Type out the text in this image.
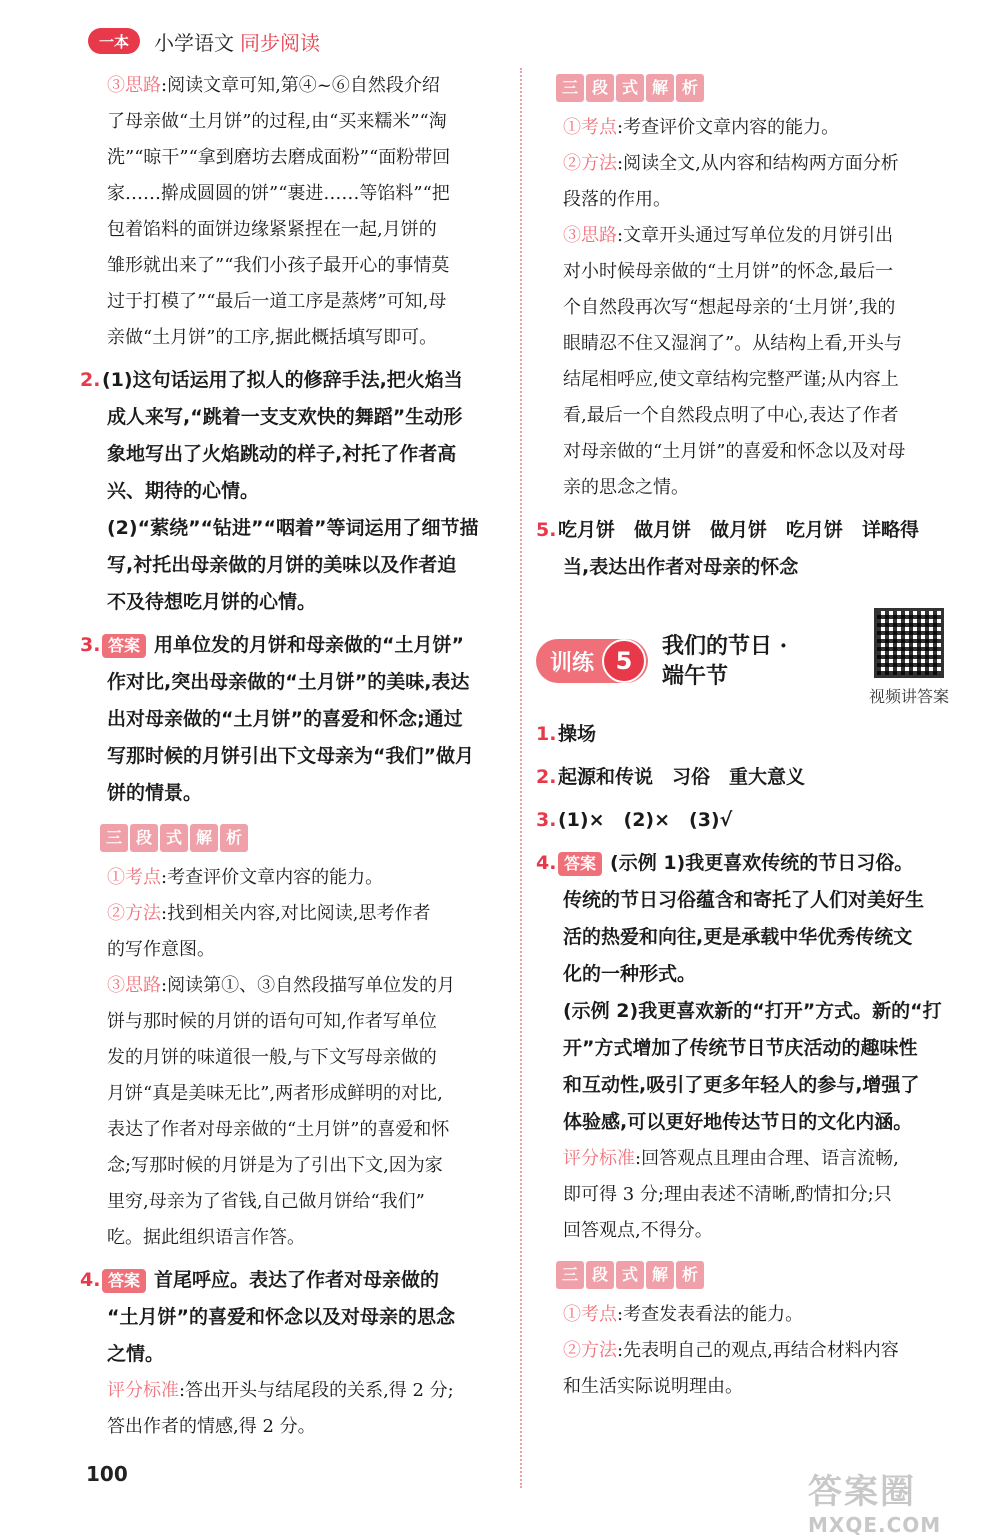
一本	小学语文 同步阅读
③思路:阅读文章可知,第④~⑥自然段介绍
了母亲做“土月饼”的过程,由“买来糯米”“淘
洗”“晾干”“拿到磨坊去磨成面粉”“面粉带回
家……擀成圆圆的饼”“裹进……等馅料”“把
包着馅料的面饼边缘紧紧捏在一起,月饼的
雏形就出来了”“我们小孩子最开心的事情莫
过于打模了”“最后一道工序是蒸烤”可知,母
亲做“土月饼”的工序,据此概括填写即可。
2.(1)这句话运用了拟人的修辞手法,把火焰当
成人来写,“跳着一支支欢快的舞蹈”生动形
象地写出了火焰跳动的样子,衬托了作者高
兴、期待的心情。
(2)“萦绕”“钻进”“咽着”等词运用了细节描
写,衬托出母亲做的月饼的美味以及作者迫
不及待想吃月饼的心情。
3. 答案 用单位发的月饼和母亲做的“土月饼”
作对比,突出母亲做的“土月饼”的美味,表达
出对母亲做的“土月饼”的喜爱和怀念;通过
写那时候的月饼引出下文母亲为“我们”做月
饼的情景。
三 段 式 解 析
①考点:考查评价文章内容的能力。
②方法:找到相关内容,对比阅读,思考作者
的写作意图。
③思路:阅读第①、③自然段描写单位发的月
饼与那时候的月饼的语句可知,作者写单位
发的月饼的味道很一般,与下文写母亲做的
月饼“真是美味无比”,两者形成鲜明的对比,
表达了作者对母亲做的“土月饼”的喜爱和怀
念;写那时候的月饼是为了引出下文,因为家
里穷,母亲为了省钱,自己做月饼给“我们”
吃。据此组织语言作答。
4. 答案 首尾呼应。表达了作者对母亲做的
“土月饼”的喜爱和怀念以及对母亲的思念
之情。
评分标准:答出开头与结尾段的关系,得 2 分;
答出作者的情感,得 2 分。
三 段 式 解 析
①考点:考查评价文章内容的能力。
②方法:阅读全文,从内容和结构两方面分析
段落的作用。
③思路:文章开头通过写单位发的月饼引出
对小时候母亲做的“土月饼”的怀念,最后一
个自然段再次写“想起母亲的‘土月饼’,我的
眼睛忍不住又湿润了”。从结构上看,开头与
结尾相呼应,使文章结构完整严谨;从内容上
看,最后一个自然段点明了中心,表达了作者
对母亲做的“土月饼”的喜爱和怀念以及对母
亲的思念之情。
5.吃月饼　做月饼　做月饼　吃月饼　详略得
当,表达出作者对母亲的怀念
训练 5
我们的节日 ·
端午节
视频讲答案
1.操场
2.起源和传说　习俗　重大意义
3.(1)×　(2)×　(3)√
4. 答案 (示例 1)我更喜欢传统的节日习俗。
传统的节日习俗蕴含和寄托了人们对美好生
活的热爱和向往,更是承载中华优秀传统文
化的一种形式。
(示例 2)我更喜欢新的“打开”方式。新的“打
开”方式增加了传统节日节庆活动的趣味性
和互动性,吸引了更多年轻人的参与,增强了
体验感,可以更好地传达节日的文化内涵。
评分标准:回答观点且理由合理、语言流畅,
即可得 3 分;理由表述不清晰,酌情扣分;只
回答观点,不得分。
三 段 式 解 析
①考点:考查发表看法的能力。
②方法:先表明自己的观点,再结合材料内容
和生活实际说明理由。
100	答案圈
MXQE.COM
